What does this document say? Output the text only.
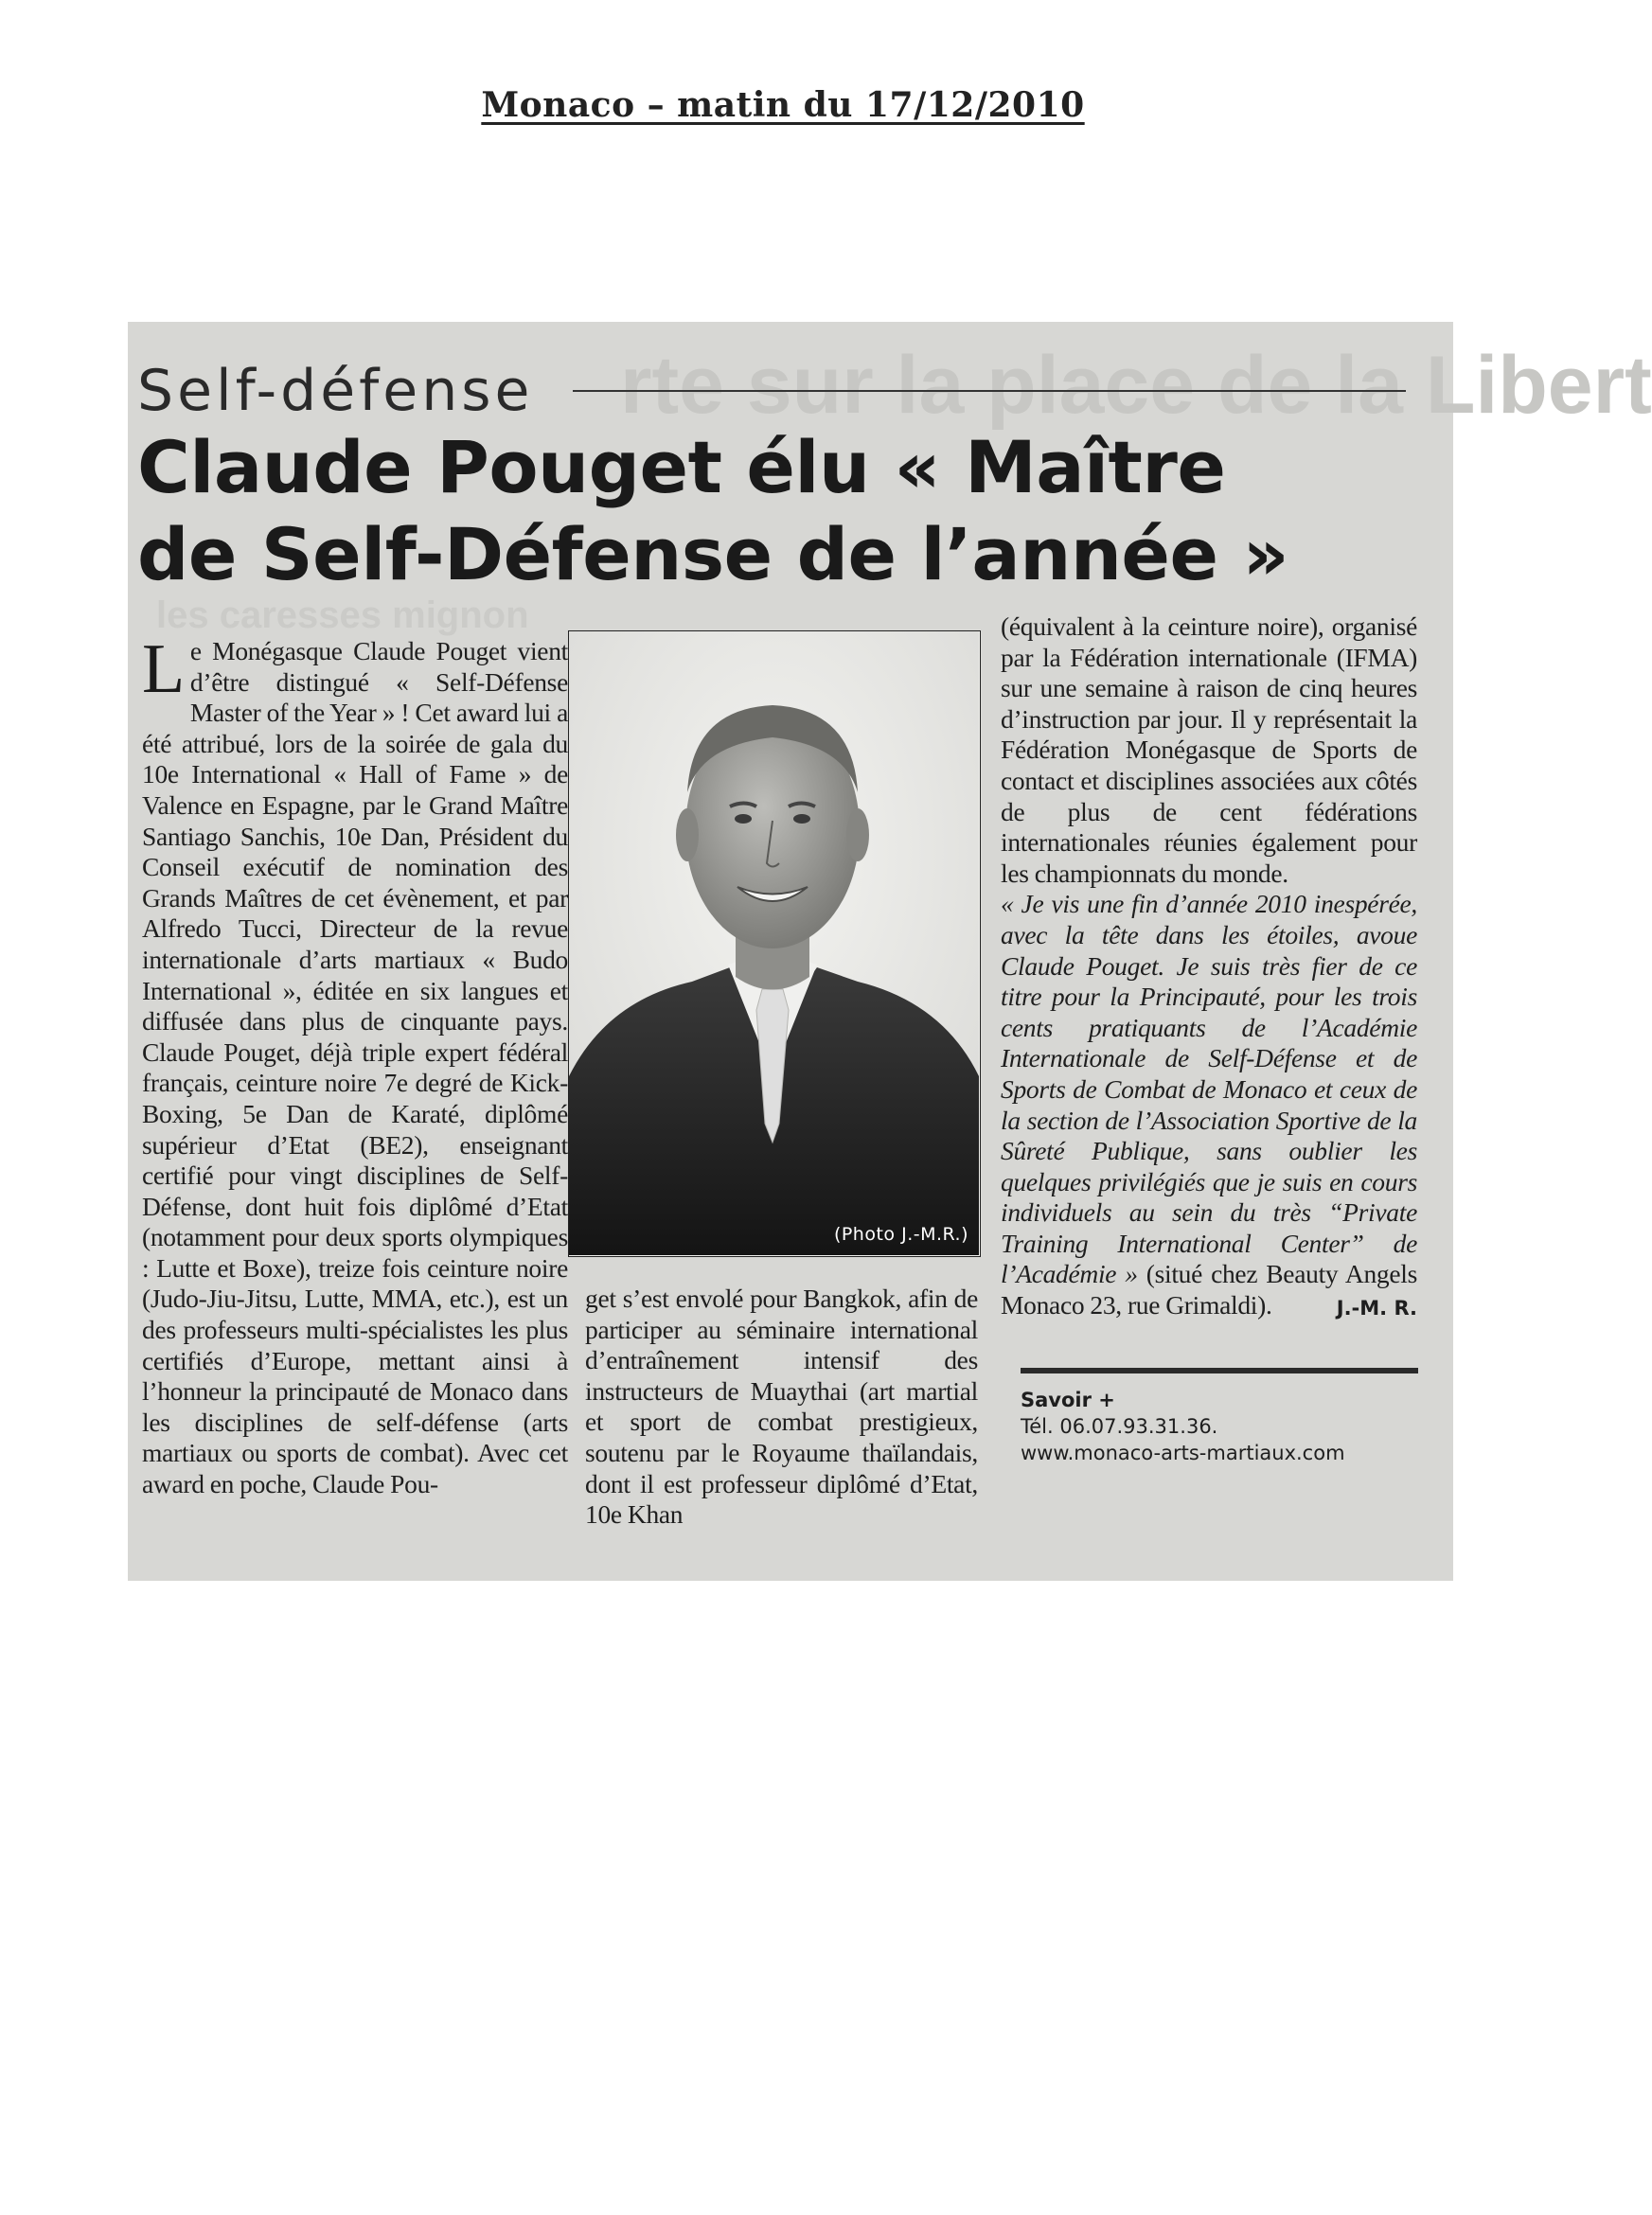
Monaco – matin du 17/12/2010
rte sur la place de la Libert
les caresses mignon
Self-défense
Claude Pouget élu « Maître
de Self-Défense de l’année »

L e Monégasque Claude Pouget vient d’être distingué « Self-Défense Master of the Year » ! Cet award lui a été attribué, lors de la soirée de gala du 10e International « Hall of Fame » de Valence en Espagne, par le Grand Maître Santiago Sanchis, 10e Dan, Président du Conseil exécutif de nomination des Grands Maîtres de cet évènement, et par Alfredo Tucci, Directeur de la revue internationale d’arts martiaux « Budo International », éditée en six langues et diffusée dans plus de cinquante pays. Claude Pouget, déjà triple expert fédéral français, ceinture noire 7e degré de Kick-Boxing, 5e Dan de Karaté, diplômé supérieur d’Etat (BE2), enseignant certifié pour vingt disciplines de Self-Défense, dont huit fois diplômé d’Etat (notamment pour deux sports olympiques : Lutte et Boxe), treize fois ceinture noire (Judo-Jiu-Jitsu, Lutte, MMA, etc.), est un des professeurs multi-spécialistes les plus certifiés d’Europe, mettant ainsi à l’honneur la principauté de Monaco dans les disciplines de self-défense (arts martiaux ou sports de combat). Avec cet award en poche, Claude Pou-

(Photo J.-M.R.)

get s’est envolé pour Bangkok, afin de participer au séminaire international d’entraînement intensif des instructeurs de Muaythai (art martial et sport de combat prestigieux, soutenu par le Royaume thaïlandais, dont il est professeur diplômé d’Etat, 10e Khan

(équivalent à la ceinture noire), organisé par la Fédération internationale (IFMA) sur une semaine à raison de cinq heures d’instruction par jour. Il y représentait la Fédération Monégasque de Sports de contact et disciplines associées aux côtés de plus de cent fédérations internationales réunies également pour les championnats du monde.

« Je vis une fin d’année 2010 inespérée, avec la tête dans les étoiles, avoue Claude Pouget. Je suis très fier de ce titre pour la Principauté, pour les trois cents pratiquants de l’Académie Internationale de Self-Défense et de Sports de Combat de Monaco et ceux de la section de l’Association Sportive de la Sûreté Publique, sans oublier les quelques privilégiés que je suis en cours individuels au sein du très “Private Training International Center” de l’Académie » (situé chez Beauty Angels Monaco 23, rue Grimaldi).	J.-M. R.
Savoir +
Tél. 06.07.93.31.36.
www.monaco-arts-martiaux.com
